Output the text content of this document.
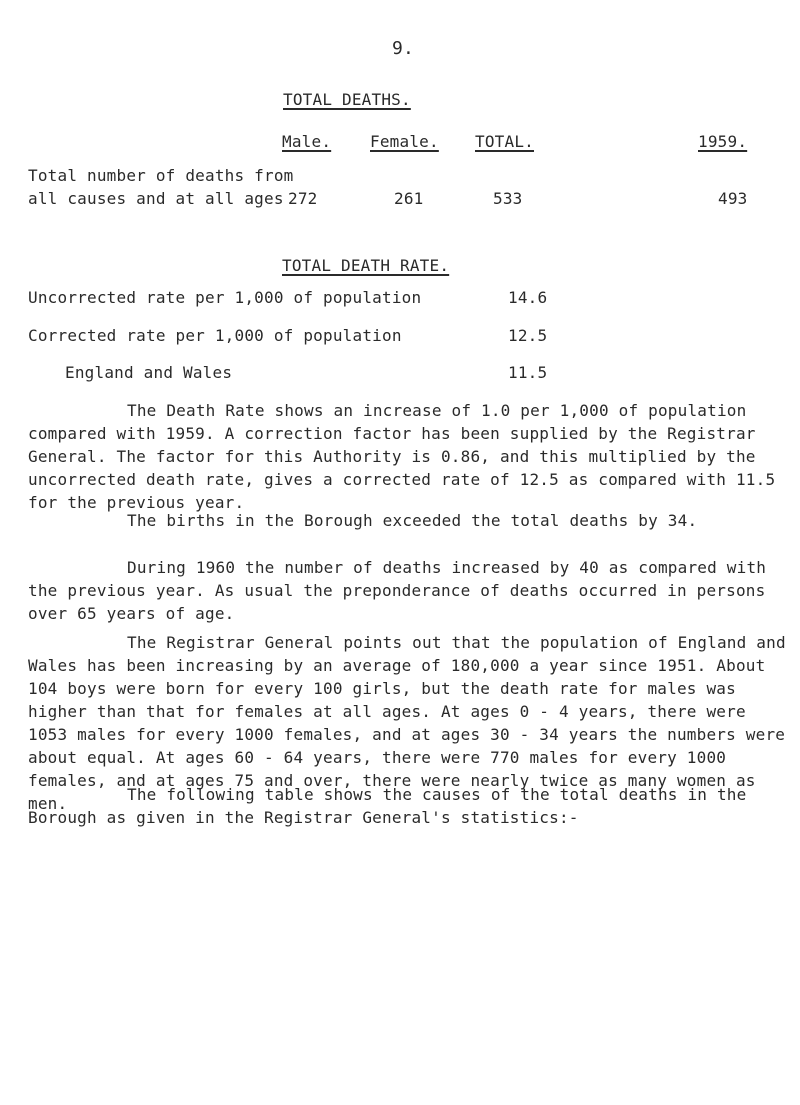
9.
TOTAL DEATHS.
Male. Female. TOTAL.	1959.
Total number of deaths from
all causes and at all ages 272	261	533	493
TOTAL DEATH RATE.
Uncorrected rate per 1,000 of population	14.6
Corrected rate per 1,000 of population	12.5
England and Wales	11.5

The Death Rate shows an increase of 1.0 per 1,000 of population compared with 1959. A correction factor has been supplied by the Registrar General. The factor for this Authority is 0.86, and this multiplied by the uncorrected death rate, gives a corrected rate of 12.5 as compared with 11.5 for the previous year.

The births in the Borough exceeded the total deaths by 34.

During 1960 the number of deaths increased by 40 as compared with the previous year. As usual the preponderance of deaths occurred in persons over 65 years of age.

The Registrar General points out that the population of England and Wales has been increasing by an average of 180,000 a year since 1951. About 104 boys were born for every 100 girls, but the death rate for males was higher than that for females at all ages. At ages 0 - 4 years, there were 1053 males for every 1000 females, and at ages 30 - 34 years the numbers were about equal. At ages 60 - 64 years, there were 770 males for every 1000 females, and at ages 75 and over, there were nearly twice as many women as men.	The following table shows the causes of the total deaths in the Borough as given in the Registrar General's statistics:-
